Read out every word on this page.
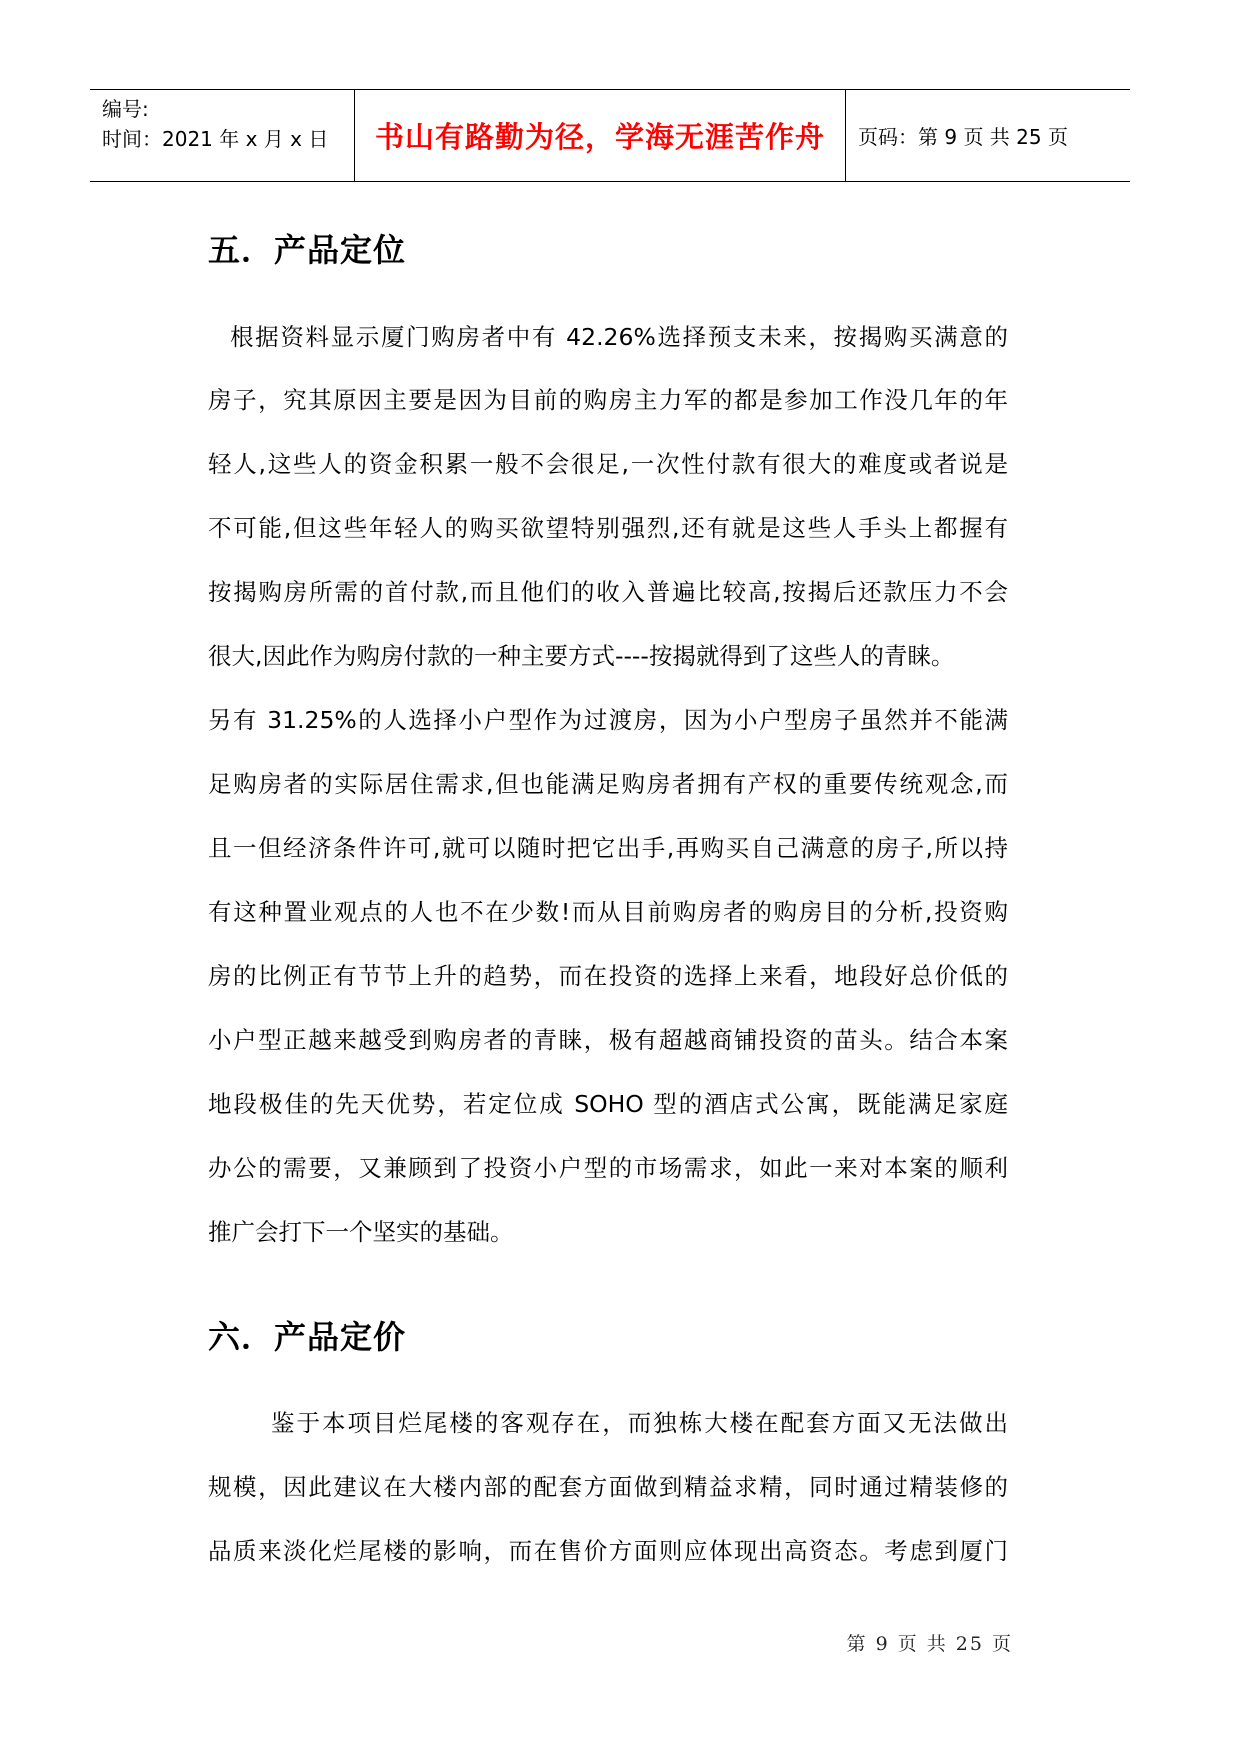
编号:
时间：2021 年 x 月 x 日	书山有路勤为径，学海无涯苦作舟 页码：第 9 页 共 25 页
五．产品定位
根据资料显示厦门购房者中有 42.26%选择预支未来，按揭购买满意的
房子，究其原因主要是因为目前的购房主力军的都是参加工作没几年的年
轻人,这些人的资金积累一般不会很足,一次性付款有很大的难度或者说是
不可能,但这些年轻人的购买欲望特别强烈,还有就是这些人手头上都握有
按揭购房所需的首付款,而且他们的收入普遍比较高,按揭后还款压力不会
很大,因此作为购房付款的一种主要方式----按揭就得到了这些人的青睐。
另有 31.25%的人选择小户型作为过渡房，因为小户型房子虽然并不能满
足购房者的实际居住需求,但也能满足购房者拥有产权的重要传统观念,而
且一但经济条件许可,就可以随时把它出手,再购买自己满意的房子,所以持
有这种置业观点的人也不在少数!而从目前购房者的购房目的分析,投资购
房的比例正有节节上升的趋势，而在投资的选择上来看，地段好总价低的
小户型正越来越受到购房者的青睐，极有超越商铺投资的苗头。结合本案
地段极佳的先天优势，若定位成 SOHO 型的酒店式公寓，既能满足家庭
办公的需要，又兼顾到了投资小户型的市场需求，如此一来对本案的顺利
推广会打下一个坚实的基础。
六．产品定价
鉴于本项目烂尾楼的客观存在，而独栋大楼在配套方面又无法做出
规模，因此建议在大楼内部的配套方面做到精益求精，同时通过精装修的
品质来淡化烂尾楼的影响，而在售价方面则应体现出高资态。考虑到厦门
第 9 页 共 25 页
